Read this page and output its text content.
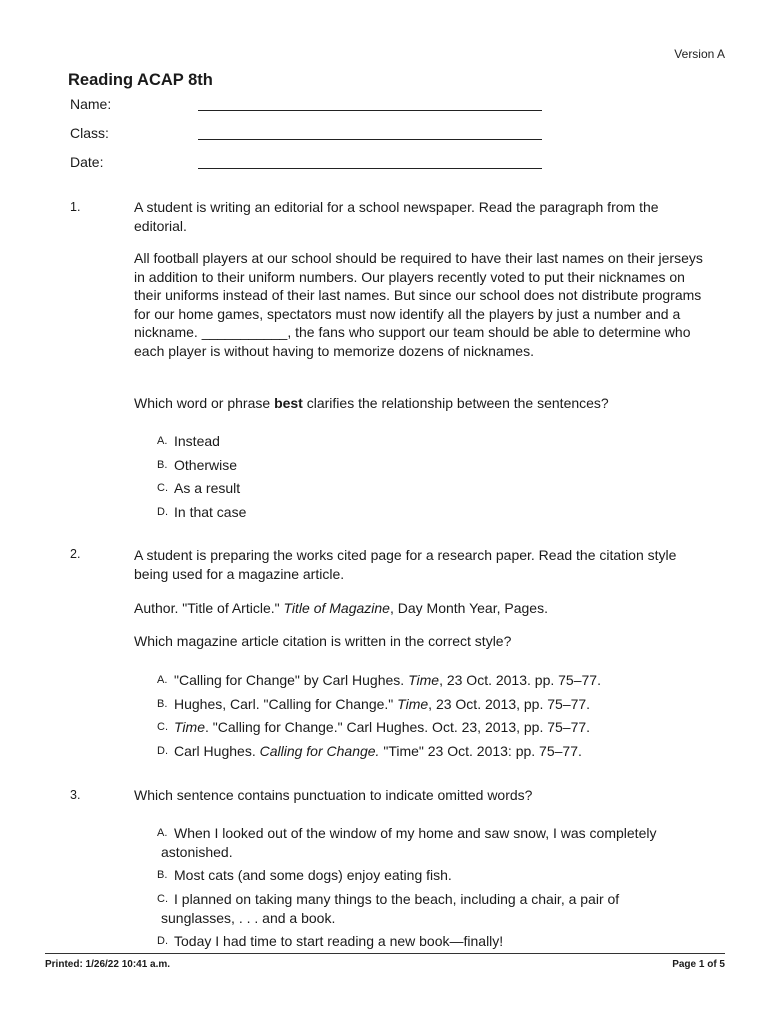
Version A
Reading ACAP 8th
Name:
Class:
Date:
1.	A student is writing an editorial for a school newspaper. Read the paragraph from the editorial.

All football players at our school should be required to have their last names on their jerseys in addition to their uniform numbers. Our players recently voted to put their nicknames on their uniforms instead of their last names. But since our school does not distribute programs for our home games, spectators must now identify all the players by just a number and a nickname. ___________, the fans who support our team should be able to determine who each player is without having to memorize dozens of nicknames.

Which word or phrase best clarifies the relationship between the sentences?

A. Instead
B. Otherwise
C. As a result
D. In that case
2.	A student is preparing the works cited page for a research paper. Read the citation style being used for a magazine article.

Author. "Title of Article." Title of Magazine, Day Month Year, Pages.

Which magazine article citation is written in the correct style?

A. "Calling for Change" by Carl Hughes. Time, 23 Oct. 2013. pp. 75–77.
B. Hughes, Carl. "Calling for Change." Time, 23 Oct. 2013, pp. 75–77.
C. Time. "Calling for Change." Carl Hughes. Oct. 23, 2013, pp. 75–77.
D. Carl Hughes. Calling for Change. "Time" 23 Oct. 2013: pp. 75–77.
3.	Which sentence contains punctuation to indicate omitted words?

A. When I looked out of the window of my home and saw snow, I was completely
astonished.
B. Most cats (and some dogs) enjoy eating fish.
C. I planned on taking many things to the beach, including a chair, a pair of
sunglasses, . . . and a book.
D. Today I had time to start reading a new book—finally!
Printed: 1/26/22 10:41 a.m.	Page 1 of 5
